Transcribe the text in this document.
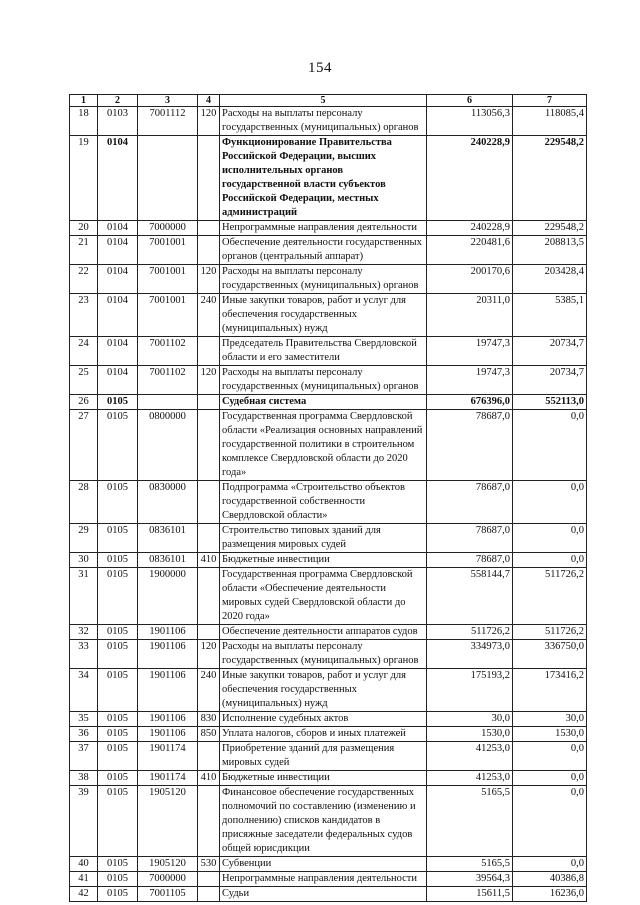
154
1	2	3	4	5	6	7
18	0103	7001112	120	Расходы на выплаты персоналу государственных (муниципальных) органов	113056,3	118085,4
19	0104			Функционирование Правительства Российской Федерации, высших исполнительных органов государственной власти субъектов Российской Федерации, местных администраций	240228,9	229548,2
20	0104	7000000		Непрограммные направления деятельности	240228,9	229548,2
21	0104	7001001		Обеспечение деятельности государственных органов (центральный аппарат)	220481,6	208813,5
22	0104	7001001	120	Расходы на выплаты персоналу государственных (муниципальных) органов	200170,6	203428,4
23	0104	7001001	240	Иные закупки товаров, работ и услуг для обеспечения государственных (муниципальных) нужд	20311,0	5385,1
24	0104	7001102		Председатель Правительства Свердловской области и его заместители	19747,3	20734,7
25	0104	7001102	120	Расходы на выплаты персоналу государственных (муниципальных) органов	19747,3	20734,7
26	0105			Судебная система	676396,0	552113,0
27	0105	0800000		Государственная программа Свердловской области «Реализация основных направлений государственной политики в строительном комплексе Свердловской области до 2020 года»	78687,0	0,0
28	0105	0830000		Подпрограмма «Строительство объектов государственной собственности Свердловской области»	78687,0	0,0
29	0105	0836101		Строительство типовых зданий для размещения мировых судей	78687,0	0,0
30	0105	0836101	410	Бюджетные инвестиции	78687,0	0,0
31	0105	1900000		Государственная программа Свердловской области «Обеспечение деятельности мировых судей Свердловской области до 2020 года»	558144,7	511726,2
32	0105	1901106		Обеспечение деятельности аппаратов судов	511726,2	511726,2
33	0105	1901106	120	Расходы на выплаты персоналу государственных (муниципальных) органов	334973,0	336750,0
34	0105	1901106	240	Иные закупки товаров, работ и услуг для обеспечения государственных (муниципальных) нужд	175193,2	173416,2
35	0105	1901106	830	Исполнение судебных актов	30,0	30,0
36	0105	1901106	850	Уплата налогов, сборов и иных платежей	1530,0	1530,0
37	0105	1901174		Приобретение зданий для размещения мировых судей	41253,0	0,0
38	0105	1901174	410	Бюджетные инвестиции	41253,0	0,0
39	0105	1905120		Финансовое обеспечение государственных полномочий по составлению (изменению и дополнению) списков кандидатов в присяжные заседатели федеральных судов общей юрисдикции	5165,5	0,0
40	0105	1905120	530	Субвенции	5165,5	0,0
41	0105	7000000		Непрограммные направления деятельности	39564,3	40386,8
42	0105	7001105		Судьи	15611,5	16236,0
